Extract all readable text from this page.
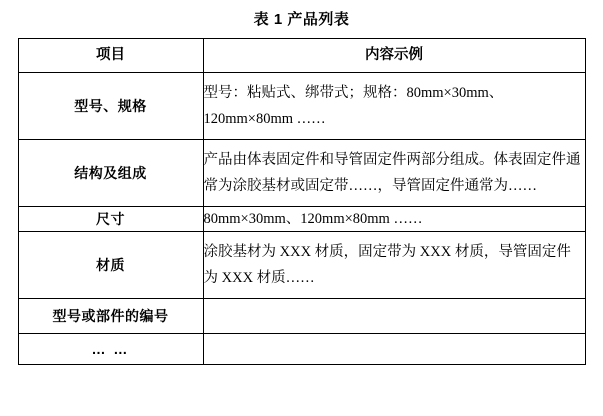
表 1 产品列表
项目	内容示例
型号、规格	型号：粘贴式、绑带式；规格：80mm×30mm、120mm×80mm ……
结构及组成	产品由体表固定件和导管固定件两部分组成。体表固定件通常为涂胶基材或固定带……，导管固定件通常为……
尺寸	80mm×30mm、120mm×80mm ……
材质	涂胶基材为 XXX 材质，固定带为 XXX 材质，导管固定件为 XXX 材质……
型号或部件的编号	
… …	
